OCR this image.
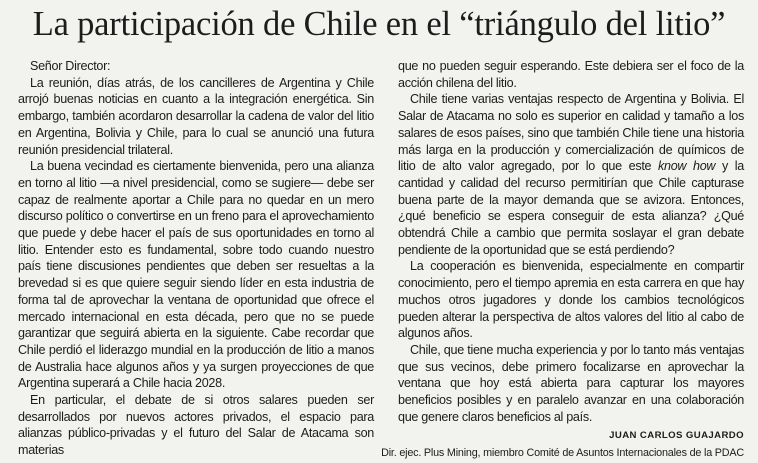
La participación de Chile en el “triángulo del litio”

Señor Director:

La reunión, días atrás, de los cancilleres de Argentina y Chile arrojó buenas noticias en cuanto a la integración energética. Sin embargo, también acordaron desarrollar la cadena de valor del litio en Argentina, Bolivia y Chile, para lo cual se anunció una futura reunión presidencial trilateral.

La buena vecindad es ciertamente bienvenida, pero una alianza en torno al litio —a nivel presidencial, como se sugiere— debe ser capaz de realmente aportar a Chile para no quedar en un mero discurso político o convertirse en un freno para el aprovechamiento que puede y debe hacer el país de sus oportunidades en torno al litio. Entender esto es fundamental, sobre todo cuando nuestro país tiene discusiones pendientes que deben ser resueltas a la brevedad si es que quiere seguir siendo líder en esta industria de forma tal de aprovechar la ventana de oportunidad que ofrece el mercado internacional en esta década, pero que no se puede garantizar que seguirá abierta en la siguiente. Cabe recordar que Chile perdió el liderazgo mundial en la producción de litio a manos de Australia hace algunos años y ya surgen proyecciones de que Argentina superará a Chile hacia 2028.

En particular, el debate de si otros salares pueden ser desarrollados por nuevos actores privados, el espacio para alianzas público-privadas y el futuro del Salar de Atacama son materias

que no pueden seguir esperando. Este debiera ser el foco de la acción chilena del litio.

Chile tiene varias ventajas respecto de Argentina y Bolivia. El Salar de Atacama no solo es superior en calidad y tamaño a los salares de esos países, sino que también Chile tiene una historia más larga en la producción y comercialización de químicos de litio de alto valor agregado, por lo que este know how y la cantidad y calidad del recurso permitirían que Chile capturase buena parte de la mayor demanda que se avizora. Entonces, ¿qué beneficio se espera conseguir de esta alianza? ¿Qué obtendrá Chile a cambio que permita soslayar el gran debate pendiente de la oportunidad que se está perdiendo?

La cooperación es bienvenida, especialmente en compartir conocimiento, pero el tiempo apremia en esta carrera en que hay muchos otros jugadores y donde los cambios tecnológicos pueden alterar la perspectiva de altos valores del litio al cabo de algunos años.

Chile, que tiene mucha experiencia y por lo tanto más ventajas que sus vecinos, debe primero focalizarse en aprovechar la ventana que hoy está abierta para capturar los mayores beneficios posibles y en paralelo avanzar en una colaboración que genere claros beneficios al país.

JUAN CARLOS GUAJARDO

Dir. ejec. Plus Mining, miembro Comité de Asuntos Internacionales de la PDAC
